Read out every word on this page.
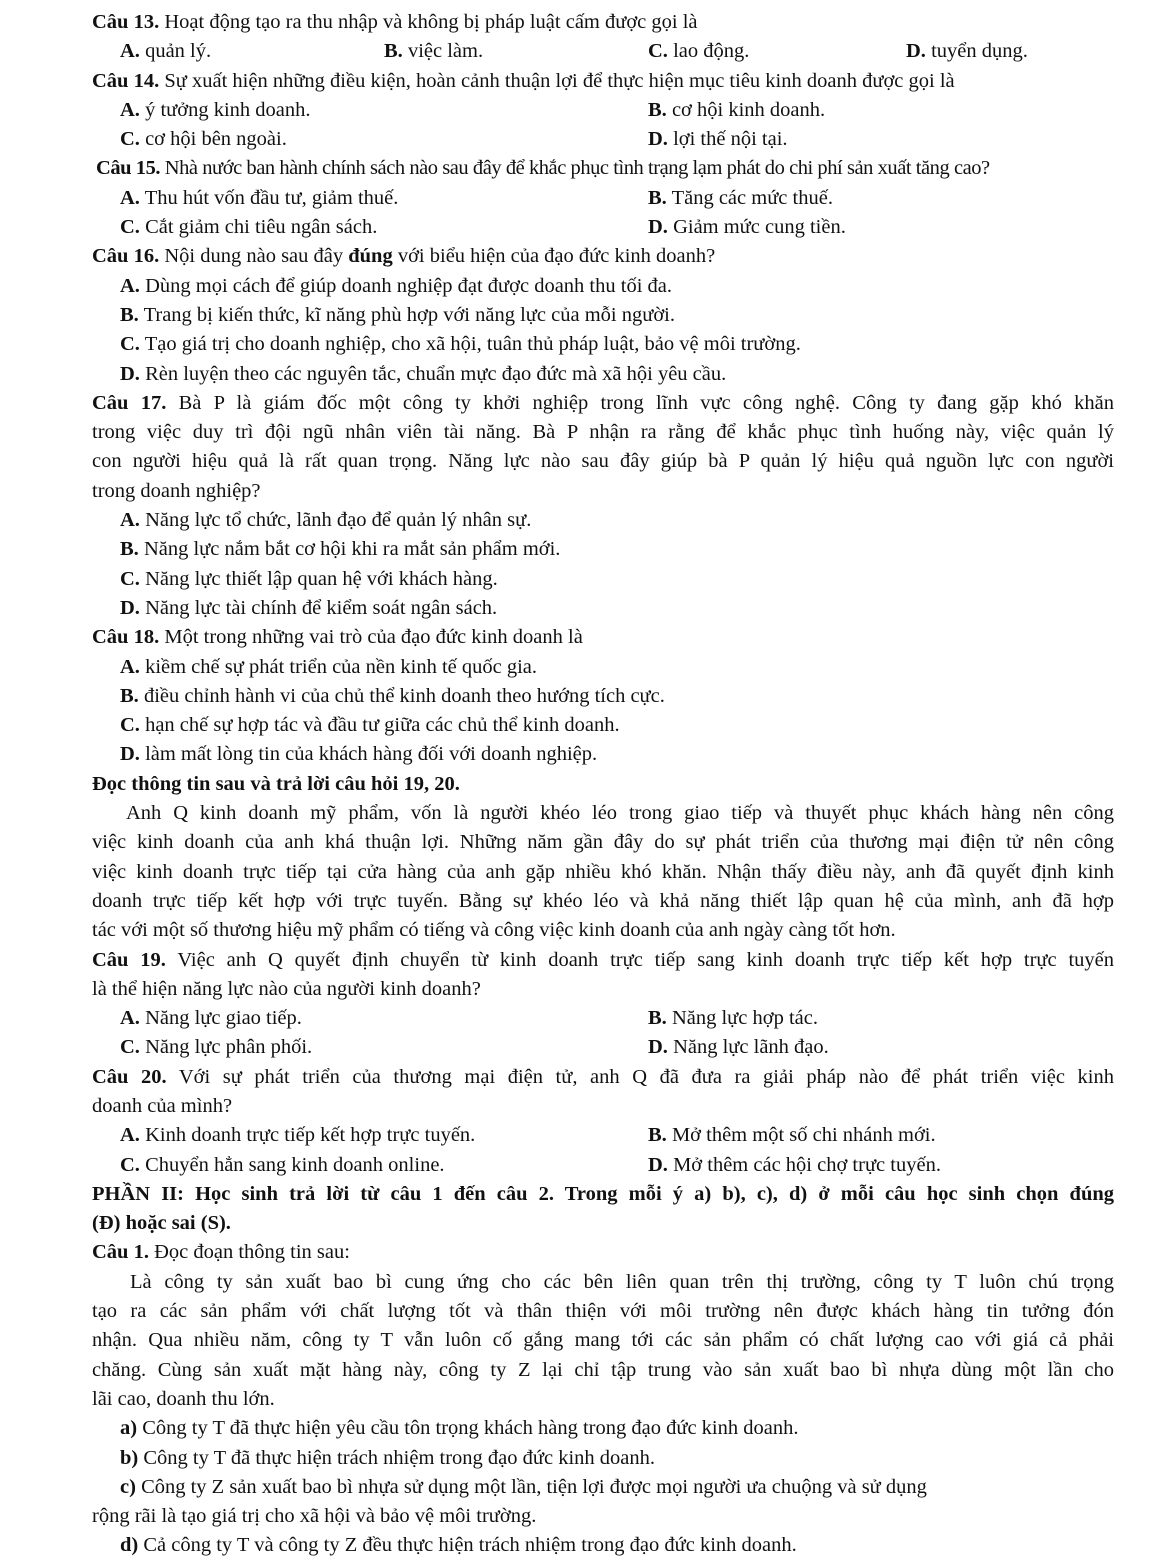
Câu 13. Hoạt động tạo ra thu nhập và không bị pháp luật cấm được gọi là
A. quản lý.	B. việc làm.	C. lao động.	D. tuyển dụng.
Câu 14. Sự xuất hiện những điều kiện, hoàn cảnh thuận lợi để thực hiện mục tiêu kinh doanh được gọi là
A. ý tưởng kinh doanh.	B. cơ hội kinh doanh.
C. cơ hội bên ngoài.	D. lợi thế nội tại.
Câu 15. Nhà nước ban hành chính sách nào sau đây để khắc phục tình trạng lạm phát do chi phí sản xuất tăng cao?
A. Thu hút vốn đầu tư, giảm thuế.	B. Tăng các mức thuế.
C. Cắt giảm chi tiêu ngân sách.	D. Giảm mức cung tiền.
Câu 16. Nội dung nào sau đây đúng với biểu hiện của đạo đức kinh doanh?
A. Dùng mọi cách để giúp doanh nghiệp đạt được doanh thu tối đa.
B. Trang bị kiến thức, kĩ năng phù hợp với năng lực của mỗi người.
C. Tạo giá trị cho doanh nghiệp, cho xã hội, tuân thủ pháp luật, bảo vệ môi trường.
D. Rèn luyện theo các nguyên tắc, chuẩn mực đạo đức mà xã hội yêu cầu.
Câu 17. Bà P là giám đốc một công ty khởi nghiệp trong lĩnh vực công nghệ. Công ty đang gặp khó khăn
trong việc duy trì đội ngũ nhân viên tài năng. Bà P nhận ra rằng để khắc phục tình huống này, việc quản lý
con người hiệu quả là rất quan trọng. Năng lực nào sau đây giúp bà P quản lý hiệu quả nguồn lực con người
trong doanh nghiệp?
A. Năng lực tổ chức, lãnh đạo để quản lý nhân sự.
B. Năng lực nắm bắt cơ hội khi ra mắt sản phẩm mới.
C. Năng lực thiết lập quan hệ với khách hàng.
D. Năng lực tài chính để kiểm soát ngân sách.
Câu 18. Một trong những vai trò của đạo đức kinh doanh là
A. kiềm chế sự phát triển của nền kinh tế quốc gia.
B. điều chỉnh hành vi của chủ thể kinh doanh theo hướng tích cực.
C. hạn chế sự hợp tác và đầu tư giữa các chủ thể kinh doanh.
D. làm mất lòng tin của khách hàng đối với doanh nghiệp.
Đọc thông tin sau và trả lời câu hỏi 19, 20.
Anh Q kinh doanh mỹ phẩm, vốn là người khéo léo trong giao tiếp và thuyết phục khách hàng nên công
việc kinh doanh của anh khá thuận lợi. Những năm gần đây do sự phát triển của thương mại điện tử nên công
việc kinh doanh trực tiếp tại cửa hàng của anh gặp nhiều khó khăn. Nhận thấy điều này, anh đã quyết định kinh
doanh trực tiếp kết hợp với trực tuyến. Bằng sự khéo léo và khả năng thiết lập quan hệ của mình, anh đã hợp
tác với một số thương hiệu mỹ phẩm có tiếng và công việc kinh doanh của anh ngày càng tốt hơn.
Câu 19. Việc anh Q quyết định chuyển từ kinh doanh trực tiếp sang kinh doanh trực tiếp kết hợp trực tuyến
là thể hiện năng lực nào của người kinh doanh?
A. Năng lực giao tiếp.	B. Năng lực hợp tác.
C. Năng lực phân phối.	D. Năng lực lãnh đạo.
Câu 20. Với sự phát triển của thương mại điện tử, anh Q đã đưa ra giải pháp nào để phát triển việc kinh
doanh của mình?
A. Kinh doanh trực tiếp kết hợp trực tuyến.	B. Mở thêm một số chi nhánh mới.
C. Chuyển hẳn sang kinh doanh online.	D. Mở thêm các hội chợ trực tuyến.
PHẦN II: Học sinh trả lời từ câu 1 đến câu 2. Trong mỗi ý a) b), c), d) ở mỗi câu học sinh chọn đúng
(Đ) hoặc sai (S).
Câu 1. Đọc đoạn thông tin sau:
Là công ty sản xuất bao bì cung ứng cho các bên liên quan trên thị trường, công ty T luôn chú trọng
tạo ra các sản phẩm với chất lượng tốt và thân thiện với môi trường nên được khách hàng tin tưởng đón
nhận. Qua nhiều năm, công ty T vẫn luôn cố gắng mang tới các sản phẩm có chất lượng cao với giá cả phải
chăng. Cùng sản xuất mặt hàng này, công ty Z lại chỉ tập trung vào sản xuất bao bì nhựa dùng một lần cho
lãi cao, doanh thu lớn.
a) Công ty T đã thực hiện yêu cầu tôn trọng khách hàng trong đạo đức kinh doanh.
b) Công ty T đã thực hiện trách nhiệm trong đạo đức kinh doanh.
c) Công ty Z sản xuất bao bì nhựa sử dụng một lần, tiện lợi được mọi người ưa chuộng và sử dụng
rộng rãi là tạo giá trị cho xã hội và bảo vệ môi trường.
d) Cả công ty T và công ty Z đều thực hiện trách nhiệm trong đạo đức kinh doanh.
